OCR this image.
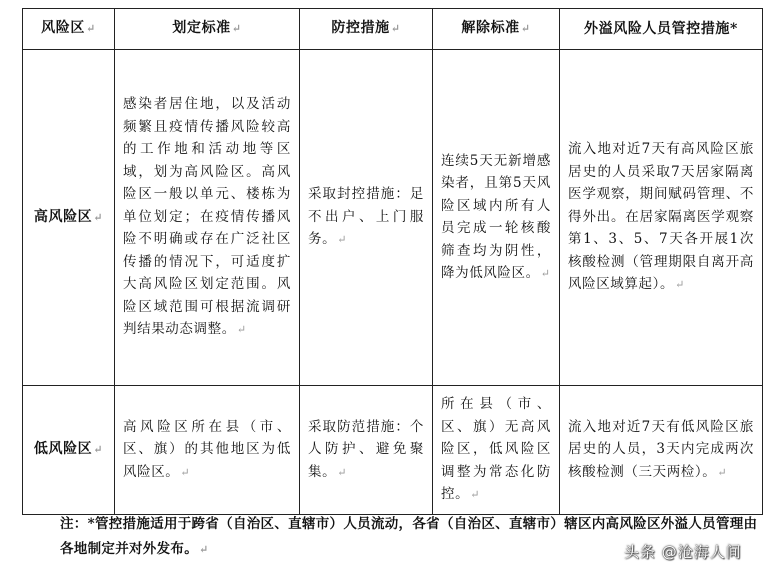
风险区↵	划定标准↵	防控措施↵	解除标准↵	外溢风险人员管控措施*
高风险区↵	感染者居住地，以及活动频繁且疫情传播风险较高的工作地和活动地等区域，划为高风险区。高风险区一般以单元、楼栋为单位划定；在疫情传播风险不明确或存在广泛社区传播的情况下，可适度扩大高风险区划定范围。风险区域范围可根据流调研判结果动态调整。↵	采取封控措施：足不出户、上门服务。↵	连续5天无新增感染者，且第5天风险区域内所有人员完成一轮核酸筛查均为阴性，降为低风险区。↵	流入地对近7天有高风险区旅居史的人员采取7天居家隔离医学观察，期间赋码管理、不得外出。在居家隔离医学观察第1、3、5、7天各开展1次核酸检测（管理期限自离开高风险区域算起）。↵
低风险区↵	高风险区所在县（市、区、旗）的其他地区为低风险区。↵	采取防范措施：个人防护、避免聚集。↵	所在县（市、区、旗）无高风险区，低风险区调整为常态化防控。↵	流入地对近7天有低风险区旅居史的人员，3天内完成两次核酸检测（三天两检）。↵
注：*管控措施适用于跨省（自治区、直辖市）人员流动，各省（自治区、直辖市）辖区内高风险区外溢人员管理由各地制定并对外发布。↵	头条 @沧海人间
